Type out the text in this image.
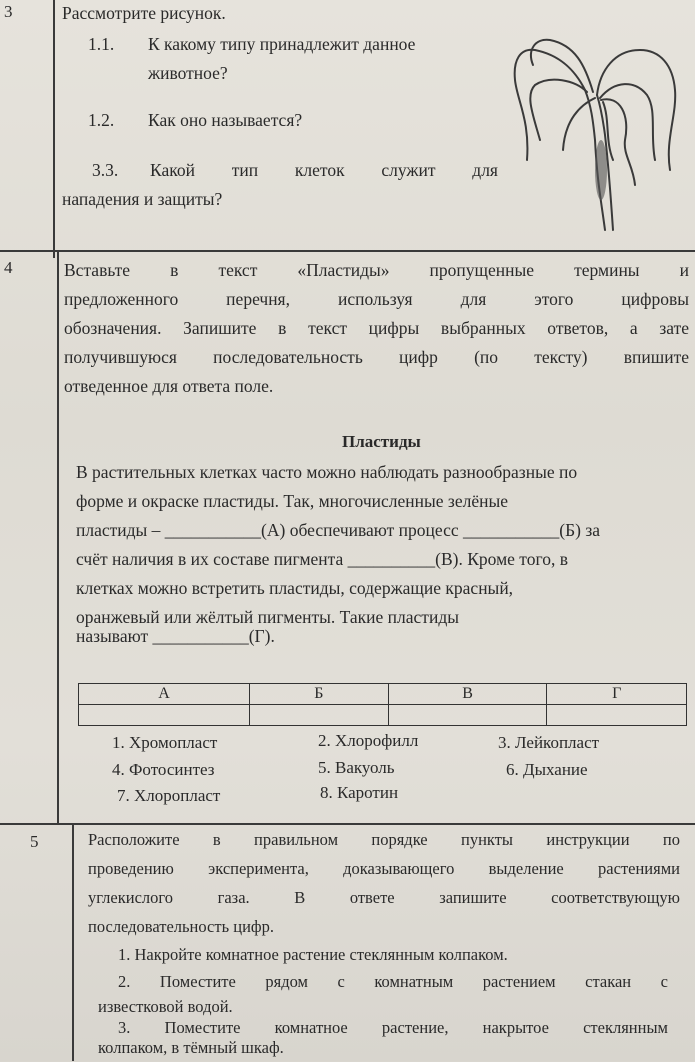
3	Рассмотрите рисунок.
1.1. К какому типу принадлежит данное
животное?
1.2. Как оно называется?
3.3. Какой тип клеток служит для
нападения и защиты?
4	Вставьте в текст «Пластиды» пропущенные термины и
предложенного перечня, используя для этого цифровы
обозначения. Запишите в текст цифры выбранных ответов, а зате
получившуюся последовательность цифр (по тексту) впишите
отведенное для ответа поле.
Пластиды
В растительных клетках часто можно наблюдать разнообразные по
форме и окраске пластиды. Так, многочисленные зелёные
пластиды – ___________(А) обеспечивают процесс ___________(Б) за
счёт наличия в их составе пигмента __________(В). Кроме того, в
клетках можно встретить пластиды, содержащие красный,
оранжевый или жёлтый пигменты. Такие пластиды
называют ___________(Г).
А	Б	В	Г

1. Хромопласт	2. Хлорофилл	3. Лейкопласт
4. Фотосинтез	5. Вакуоль	6. Дыхание
7. Хлоропласт	8. Каротин
5	Расположите в правильном порядке пункты инструкции по
проведению эксперимента, доказывающего выделение растениями
углекислого газа. В ответе запишите соответствующую
последовательность цифр.
1. Накройте комнатное растение стеклянным колпаком.
2. Поместите рядом с комнатным растением стакан с
известковой водой.
3. Поместите комнатное растение, накрытое стеклянным
колпаком, в тёмный шкаф.
